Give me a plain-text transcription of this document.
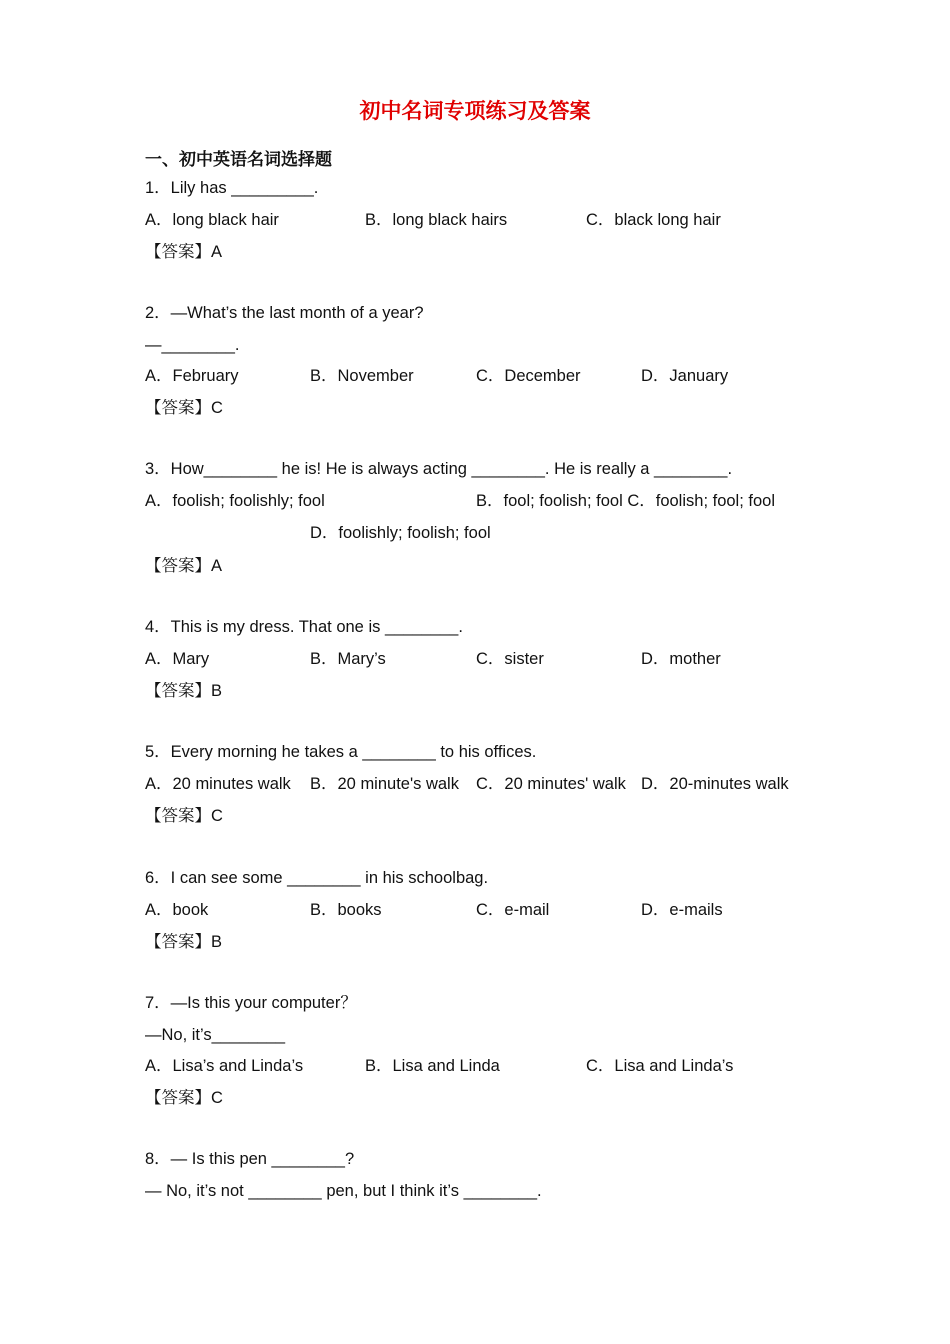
初中名词专项练习及答案
一、初中英语名词选择题
1．Lily has _________.
A．long black hair	B．long black hairs	C．black long hair
【答案】A
2．—What’s the last month of a year?
—________.
A．February	B．November	C．December	D．January
【答案】C
3．How________ he is! He is always acting ________. He is really a ________.
A．foolish; foolishly; fool	B．fool; foolish; fool C．foolish; fool; fool
D．foolishly; foolish; fool
【答案】A
4．This is my dress. That one is ________.
A．Mary	B．Mary’s	C．sister	D．mother
【答案】B
5．Every morning he takes a ________ to his offices.
A．20 minutes walk B．20 minute's walk C．20 minutes' walk D．20-minutes walk
【答案】C
6．I can see some ________ in his schoolbag.
A．book	B．books	C．e-mail	D．e-mails
【答案】B
7．—Is this your computer？
—No, it’s________
A．Lisa’s and Linda’s	B．Lisa and Linda	C．Lisa and Linda’s
【答案】C
8．— Is this pen ________?
— No, it’s not ________ pen, but I think it’s ________.
